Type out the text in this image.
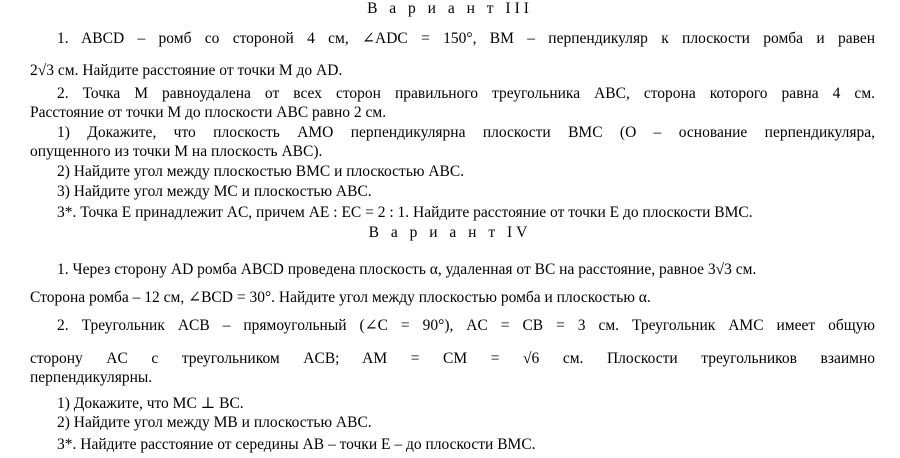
В а р и а н т III
1. ABCD – ромб со стороной 4 см, ∠ADC = 150°, BM – перпендикуляр к плоскости ромба и равен
2√3 см. Найдите расстояние от точки M до AD.
2. Точка M равноудалена от всех сторон правильного треугольника ABC, сторона которого равна 4 см.
Расстояние от точки M до плоскости ABC равно 2 см.
1) Докажите, что плоскость AMO перпендикулярна плоскости BMC (O – основание перпендикуляра,
опущенного из точки M на плоскость ABC).
2) Найдите угол между плоскостью BMC и плоскостью ABC.
3) Найдите угол между MC и плоскостью ABC.
3*. Точка E принадлежит AC, причем AE : EC = 2 : 1. Найдите расстояние от точки E до плоскости BMC.
В а р и а н т IV
1. Через сторону AD ромба ABCD проведена плоскость α, удаленная от BC на расстояние, равное 3√3 см.
Сторона ромба – 12 см, ∠BCD = 30°. Найдите угол между плоскостью ромба и плоскостью α.
2. Треугольник ACB – прямоугольный (∠C = 90°), AC = CB = 3 см. Треугольник AMC имеет общую
сторону AC с треугольником ACB; AM = CM = √6 см. Плоскости треугольников взаимно
перпендикулярны.
1) Докажите, что MC ⊥ BC.
2) Найдите угол между MB и плоскостью ABC.
3*. Найдите расстояние от середины AB – точки E – до плоскости BMC.
